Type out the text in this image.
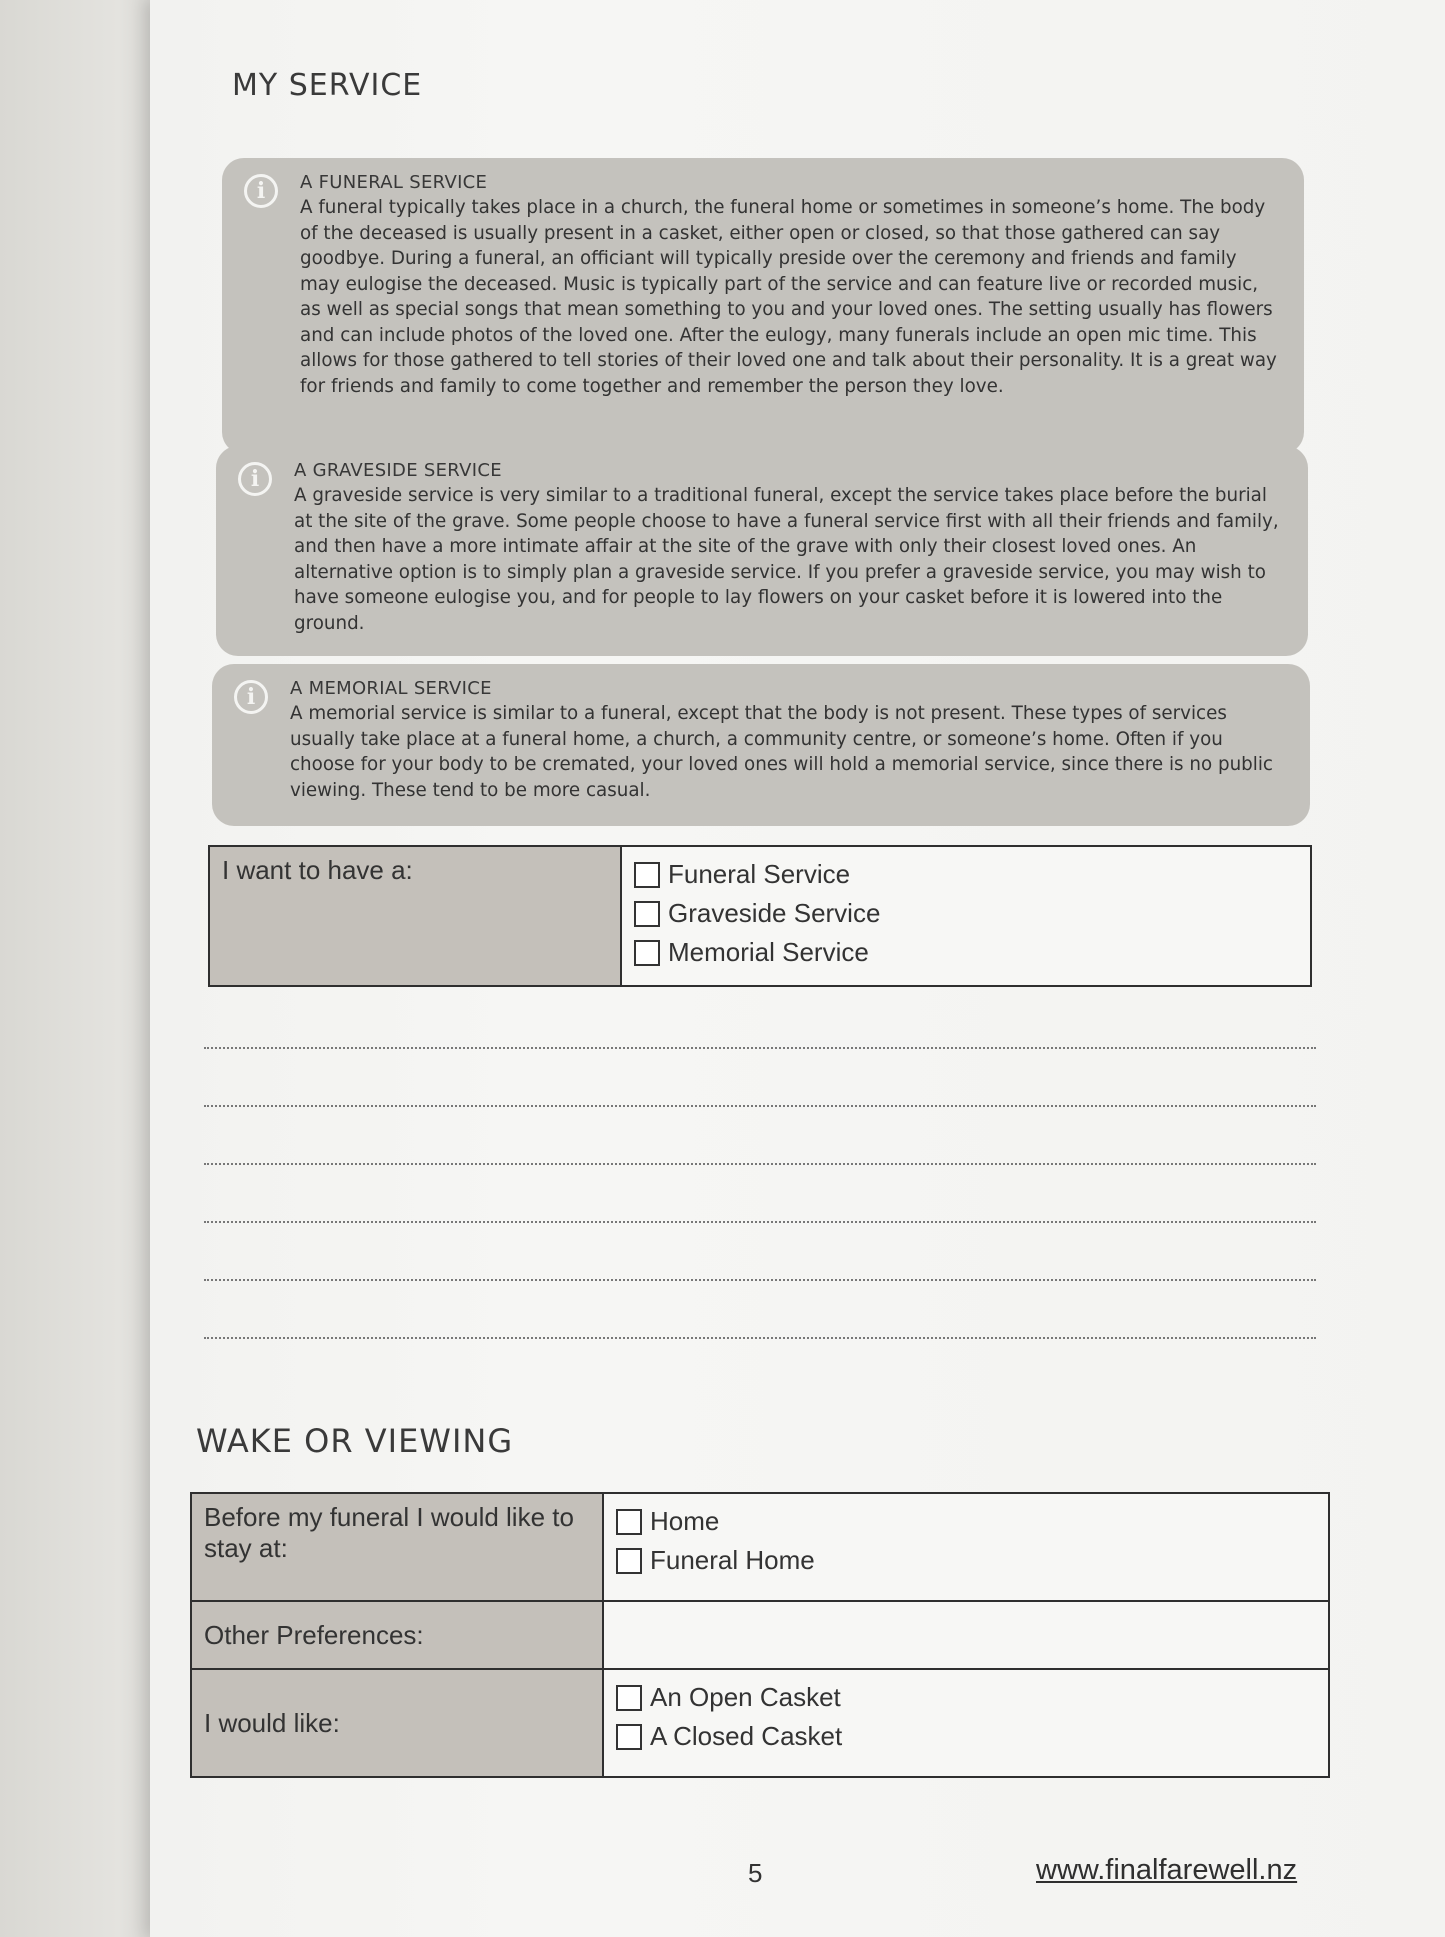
MY SERVICE
i	A FUNERAL SERVICE
A funeral typically takes place in a church, the funeral home or sometimes in someone’s home. The body of the deceased is usually present in a casket, either open or closed, so that those gathered can say goodbye. During a funeral, an officiant will typically preside over the ceremony and friends and family may eulogise the deceased. Music is typically part of the service and can feature live or recorded music, as well as special songs that mean something to you and your loved ones. The setting usually has flowers and can include photos of the loved one. After the eulogy, many funerals include an open mic time. This allows for those gathered to tell stories of their loved one and talk about their personality. It is a great way for friends and family to come together and remember the person they love.
i	A GRAVESIDE SERVICE
A graveside service is very similar to a traditional funeral, except the service takes place before the burial at the site of the grave. Some people choose to have a funeral service first with all their friends and family, and then have a more intimate affair at the site of the grave with only their closest loved ones. An alternative option is to simply plan a graveside service. If you prefer a graveside service, you may wish to have someone eulogise you, and for people to lay flowers on your casket before it is lowered into the ground.
i	A MEMORIAL SERVICE
A memorial service is similar to a funeral, except that the body is not present. These types of services usually take place at a funeral home, a church, a community centre, or someone’s home. Often if you choose for your body to be cremated, your loved ones will hold a memorial service, since there is no public viewing. These tend to be more casual.
I want to have a:	Funeral Service
Graveside Service
Memorial Service
WAKE OR VIEWING
Before my funeral I would like to stay at:	Home
Funeral Home

Other Preferences:	
I would like:	An Open Casket
A Closed Casket
5	www.finalfarewell.nz
